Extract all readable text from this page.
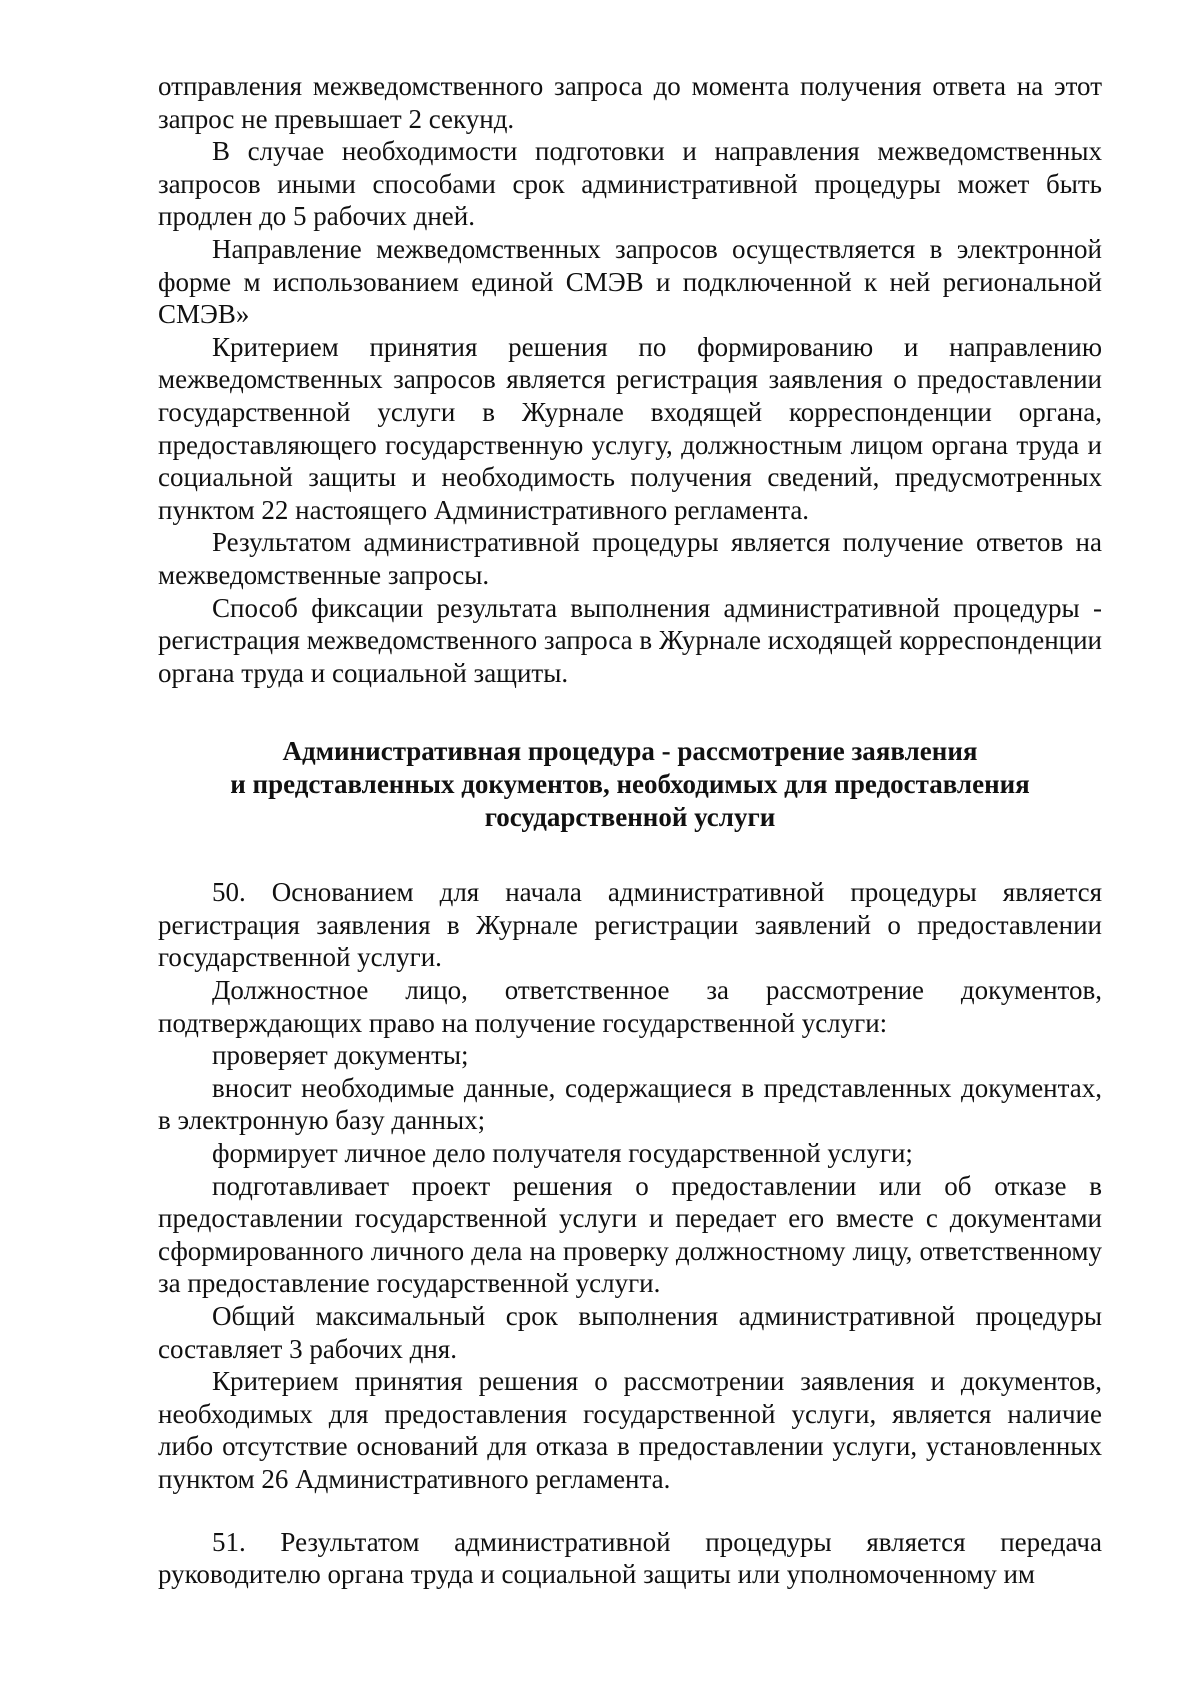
отправления межведомственного запроса до момента получения ответа на этот запрос не превышает 2 секунд.

В случае необходимости подготовки и направления межведомственных запросов иными способами срок административной процедуры может быть продлен до 5 рабочих дней.

Направление межведомственных запросов осуществляется в электронной форме м использованием единой СМЭВ и подключенной к ней региональной СМЭВ»

Критерием принятия решения по формированию и направлению межведомственных запросов является регистрация заявления о предоставлении государственной услуги в Журнале входящей корреспонденции органа, предоставляющего государственную услугу, должностным лицом органа труда и социальной защиты и необходимость получения сведений, предусмотренных пунктом 22 настоящего Административного регламента.

Результатом административной процедуры является получение ответов на межведомственные запросы.

Способ фиксации результата выполнения административной процедуры - регистрация межведомственного запроса в Журнале исходящей корреспонденции органа труда и социальной защиты.

Административная процедура - рассмотрение заявления
и представленных документов, необходимых для предоставления
государственной услуги

50. Основанием для начала административной процедуры является регистрация заявления в Журнале регистрации заявлений о предоставлении государственной услуги.

Должностное лицо, ответственное за рассмотрение документов, подтверждающих право на получение государственной услуги:

проверяет документы;

вносит необходимые данные, содержащиеся в представленных документах, в электронную базу данных;

формирует личное дело получателя государственной услуги;

подготавливает проект решения о предоставлении или об отказе в предоставлении государственной услуги и передает его вместе с документами сформированного личного дела на проверку должностному лицу, ответственному за предоставление государственной услуги.

Общий максимальный срок выполнения административной процедуры составляет 3 рабочих дня.

Критерием принятия решения о рассмотрении заявления и документов, необходимых для предоставления государственной услуги, является наличие либо отсутствие оснований для отказа в предоставлении услуги, установленных пунктом 26 Административного регламента.

51. Результатом административной процедуры является передача руководителю органа труда и социальной защиты или уполномоченному им
